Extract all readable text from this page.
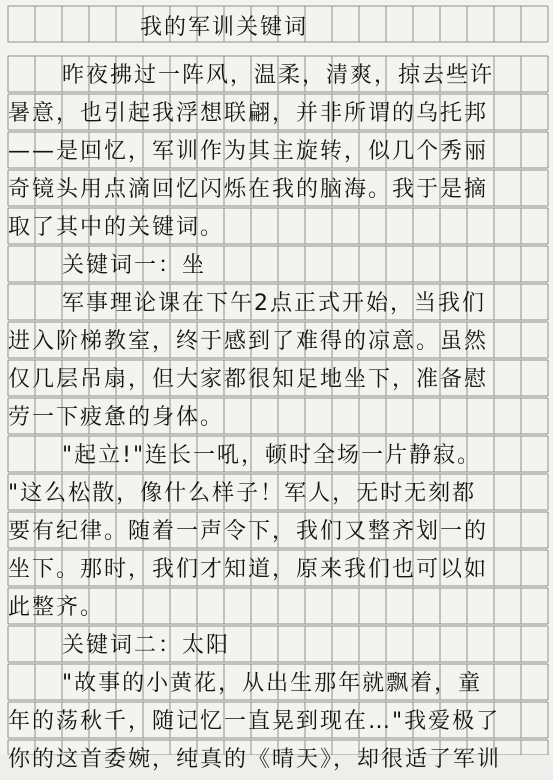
我的军训关键词
昨夜拂过一阵风，温柔，清爽，掠去些许
暑意，也引起我浮想联翩，并非所谓的乌托邦
——是回忆，军训作为其主旋转，似几个秀丽
奇镜头用点滴回忆闪烁在我的脑海。我于是摘
取了其中的关键词。
关键词一：坐
军事理论课在下午2点正式开始，当我们
进入阶梯教室，终于感到了难得的凉意。虽然
仅几层吊扇，但大家都很知足地坐下，准备慰
劳一下疲惫的身体。
"起立!"连长一吼，顿时全场一片静寂。
"这么松散，像什么样子！军人，无时无刻都
要有纪律。随着一声令下，我们又整齐划一的
坐下。那时，我们才知道，原来我们也可以如
此整齐。
关键词二：太阳
"故事的小黄花，从出生那年就飘着，童
年的荡秋千，随记忆一直晃到现在…"我爱极了
你的这首委婉，纯真的《晴天》，却很适了军训
